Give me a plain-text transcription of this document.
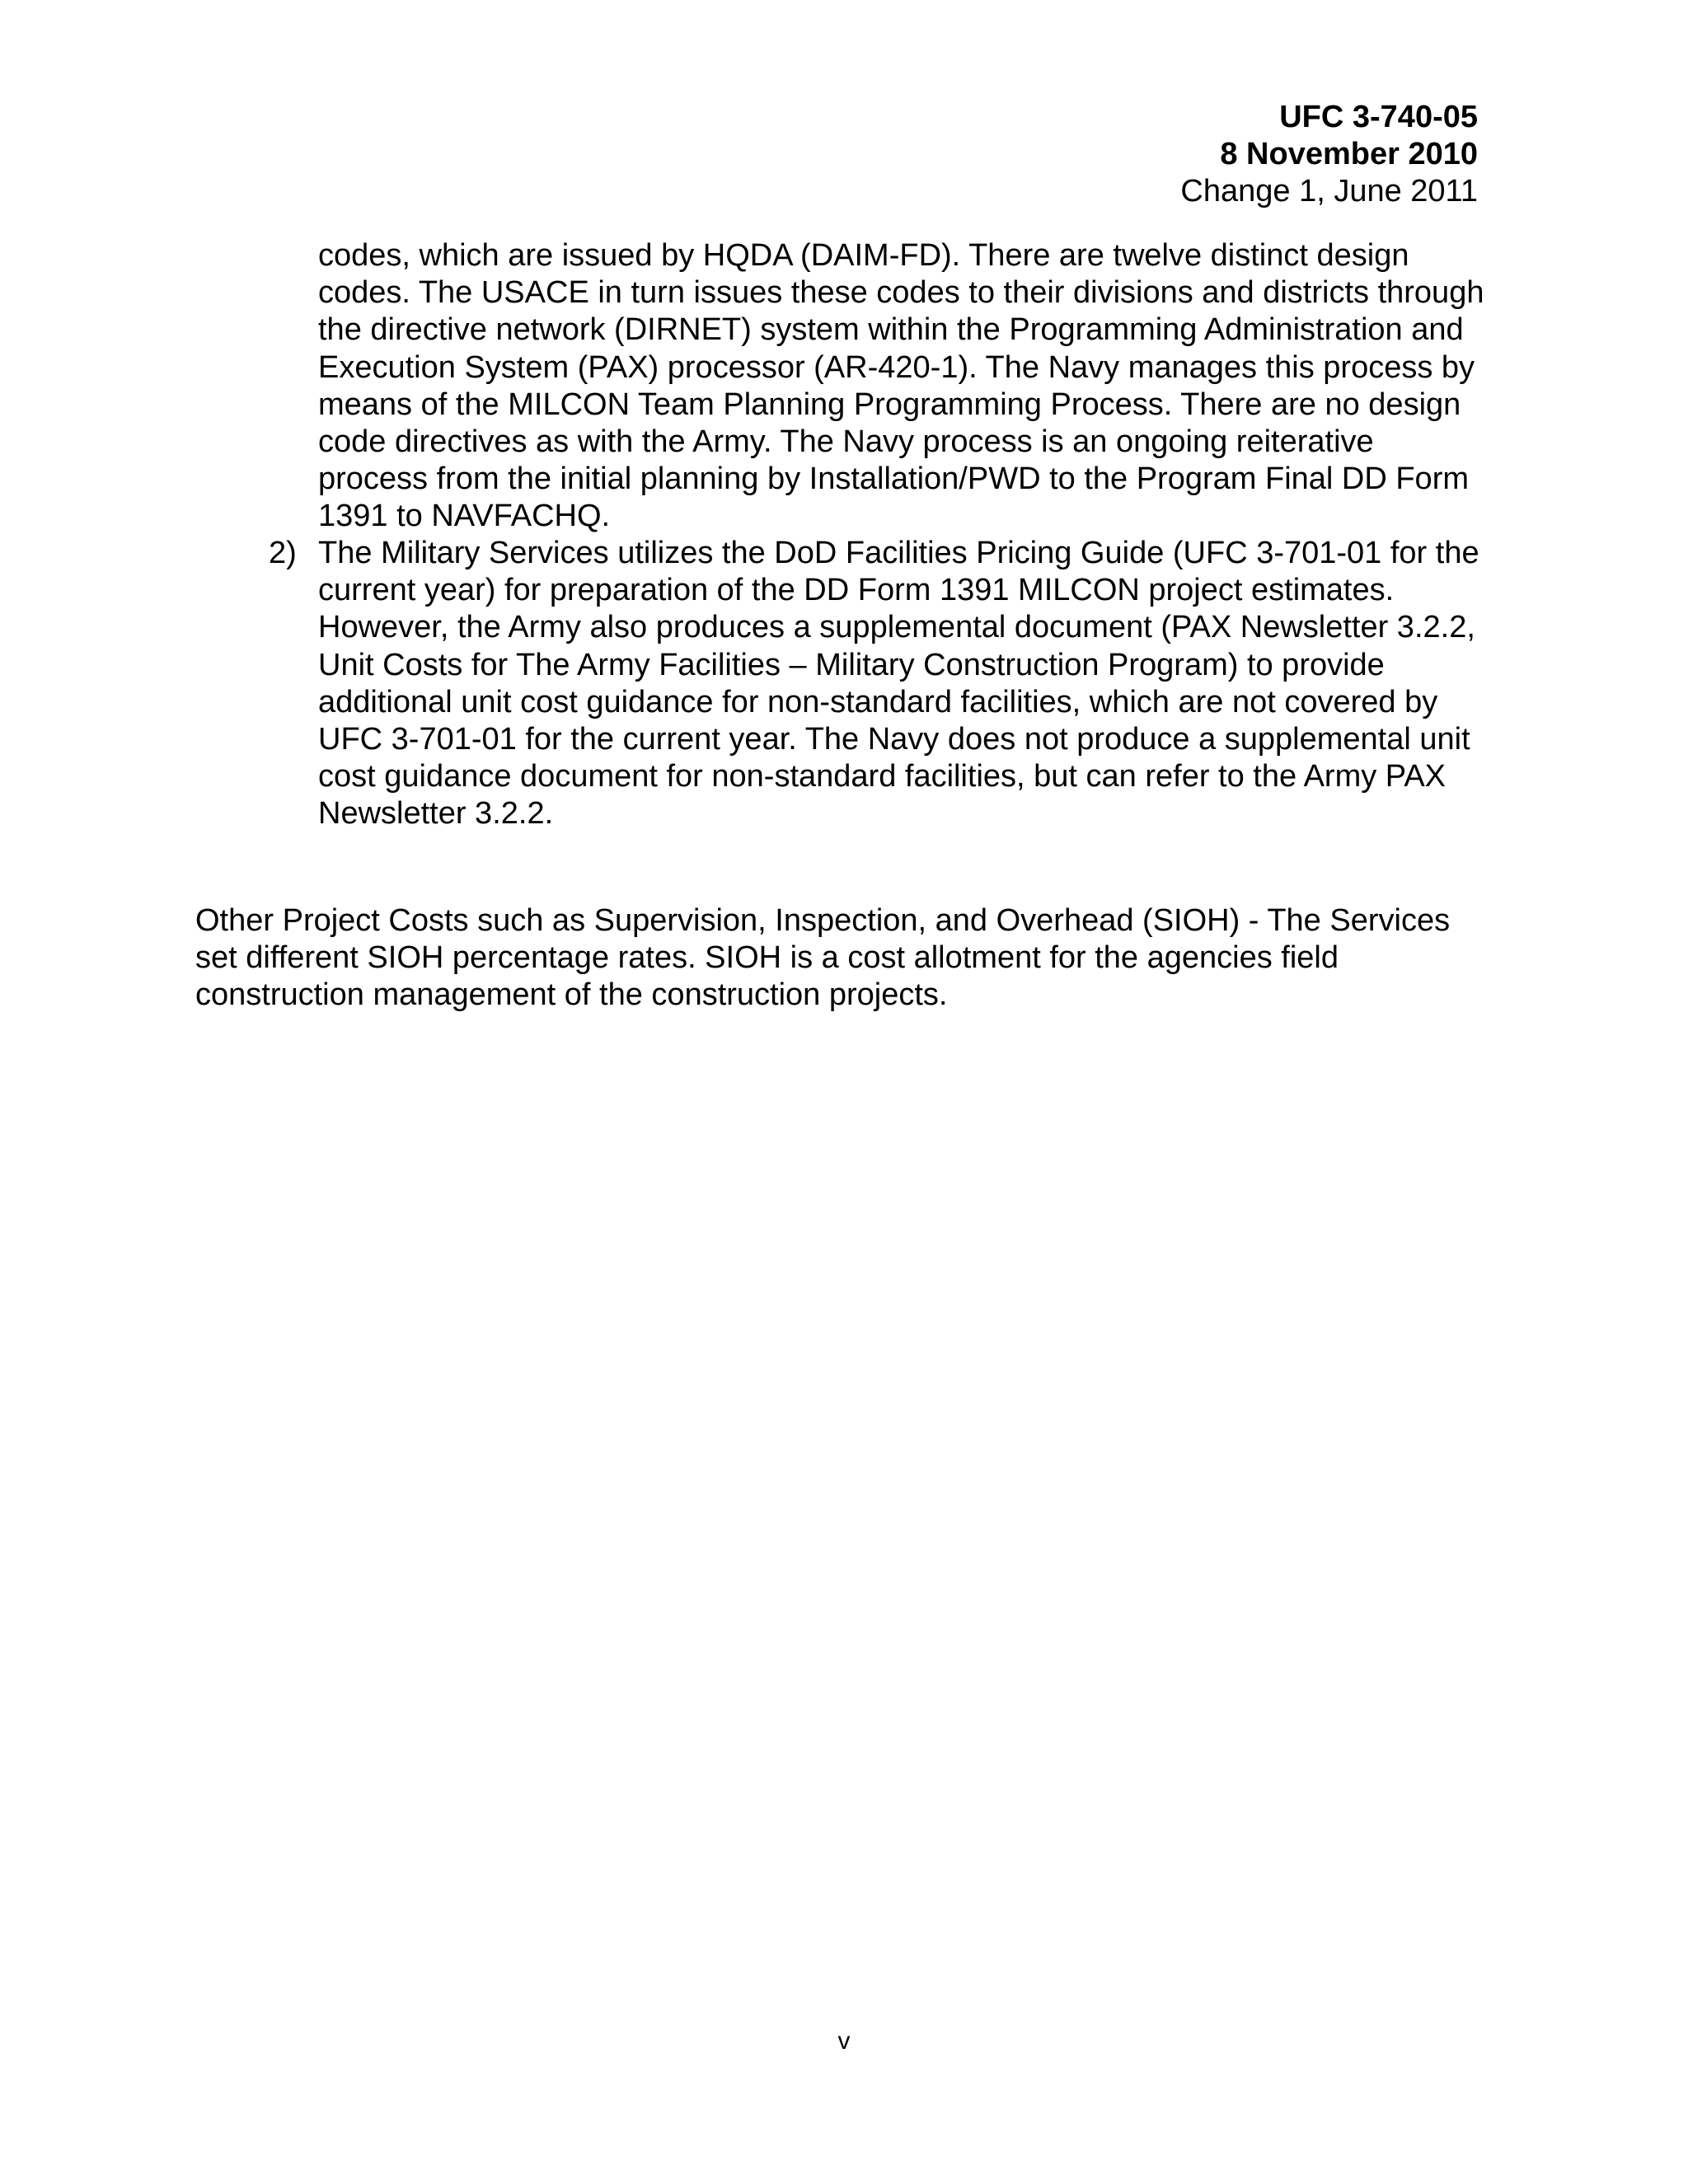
UFC 3-740-05
8 November 2010
Change 1, June 2011

codes, which are issued by HQDA (DAIM-FD). There are twelve distinct design codes. The USACE in turn issues these codes to their divisions and districts through the directive network (DIRNET) system within the Programming Administration and Execution System (PAX) processor (AR-420-1). The Navy manages this process by means of the MILCON Team Planning Programming Process. There are no design code directives as with the Army. The Navy process is an ongoing reiterative process from the initial planning by Installation/PWD to the Program Final DD Form 1391 to NAVFACHQ.

2) The Military Services utilizes the DoD Facilities Pricing Guide (UFC 3-701-01 for the current year) for preparation of the DD Form 1391 MILCON project estimates. However, the Army also produces a supplemental document (PAX Newsletter 3.2.2, Unit Costs for The Army Facilities – Military Construction Program) to provide additional unit cost guidance for non-standard facilities, which are not covered by UFC 3-701-01 for the current year. The Navy does not produce a supplemental unit cost guidance document for non-standard facilities, but can refer to the Army PAX Newsletter 3.2.2.

Other Project Costs such as Supervision, Inspection, and Overhead (SIOH) - The Services set different SIOH percentage rates. SIOH is a cost allotment for the agencies field construction management of the construction projects.

v
